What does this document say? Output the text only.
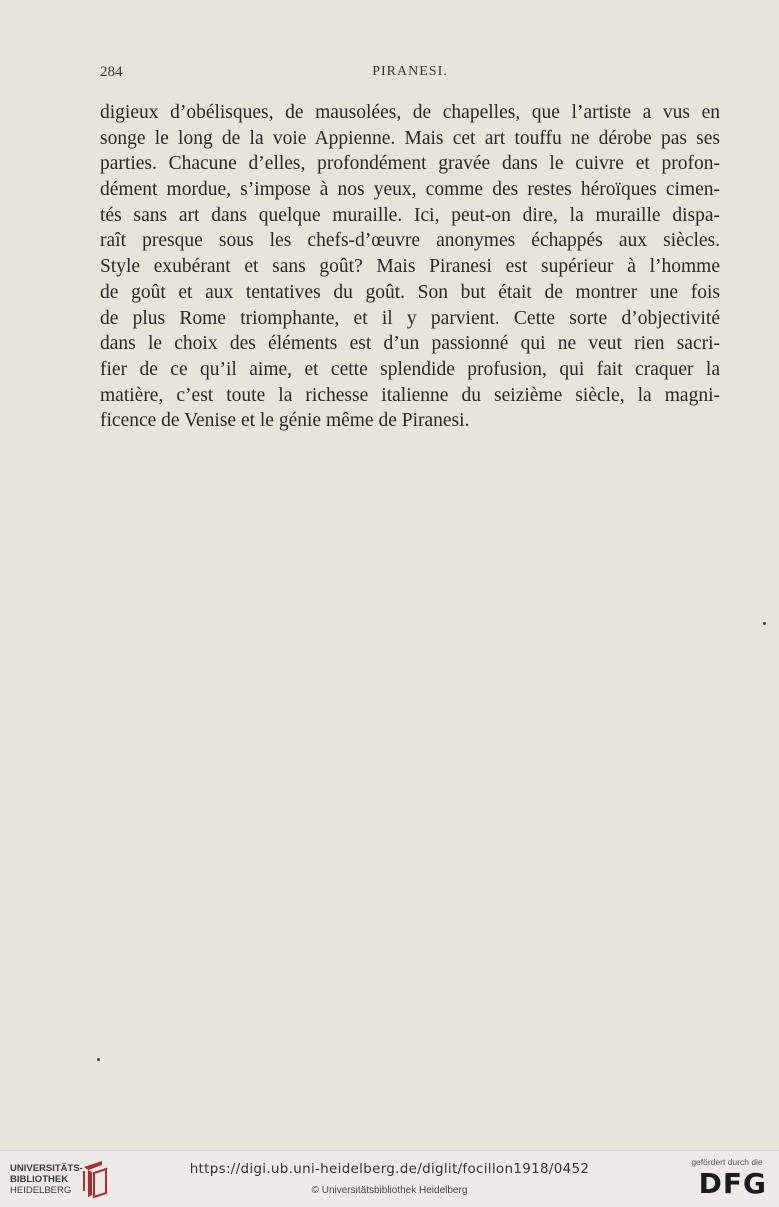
284	PIRANESI.
digieux d’obélisques, de mausolées, de chapelles, que l’artiste a vus en
songe le long de la voie Appienne. Mais cet art touffu ne dérobe pas ses
parties. Chacune d’elles, profondément gravée dans le cuivre et profon-
dément mordue, s’impose à nos yeux, comme des restes héroïques cimen-
tés sans art dans quelque muraille. Ici, peut-on dire, la muraille dispa-
raît presque sous les chefs-d’œuvre anonymes échappés aux siècles.
Style exubérant et sans goût? Mais Piranesi est supérieur à l’homme
de goût et aux tentatives du goût. Son but était de montrer une fois
de plus Rome triomphante, et il y parvient. Cette sorte d’objectivité
dans le choix des éléments est d’un passionné qui ne veut rien sacri-
fier de ce qu’il aime, et cette splendide profusion, qui fait craquer la
matière, c’est toute la richesse italienne du seizième siècle, la magni-
ficence de Venise et le génie même de Piranesi.
UNIVERSITÄTS-
BIBLIOTHEK
HEIDELBERG
https://digi.ub.uni-heidelberg.de/diglit/focillon1918/0452
© Universitätsbibliothek Heidelberg
gefördert durch die
DFG
